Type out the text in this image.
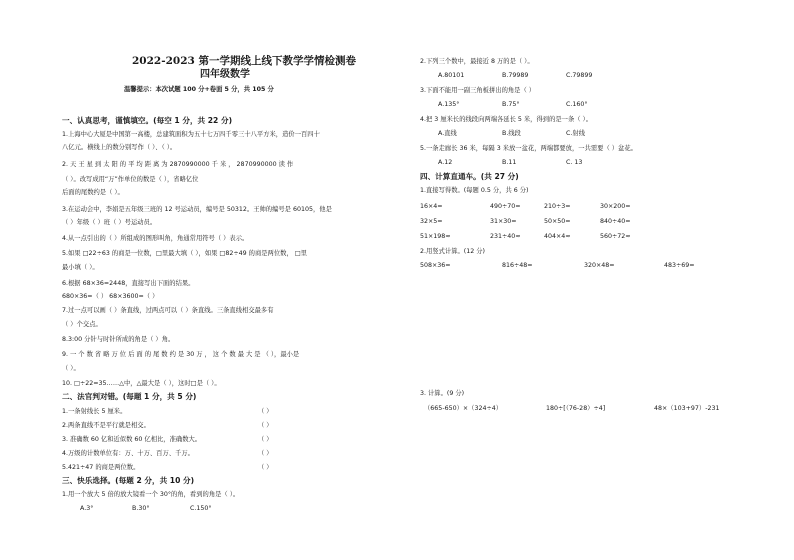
2022-2023 第一学期线上线下教学学情检测卷
四年级数学
温馨提示：本次试题 100 分+卷面 5 分，共 105 分
一、认真思考，谨慎填空。(每空 1 分，共 22 分)
1.上海中心大厦是中国第一高楼，总建筑面积为五十七万四千零三十八平方米，造价一百四十
八亿元。横线上的数分别写作（ ）、（ ）。
2. 天 王 星 到 太 阳 的 平 均 距 离 为 2870990000 千 米 ， 2870990000 读 作
（ ）。改写成用“万”作单位的数是（ ），省略亿位
后面的尾数约是（ ）。
3.在运动会中，李娟是五年级三班的 12 号运动员，编号是 50312。王帅的编号是 60105，他是
（ ）年级（ ）班（ ）号运动员。
4.从一点引出的（ ）所组成的图形叫角，角通常用符号（ ）表示。
5.如果 □22÷63 的商是一位数，□里最大填（ ），如果 □82÷49 的商是两位数， □里
最小填（ ）。
6.根据 68×36=2448，直接写出下面的结果。
680×36=（ ） 68×3600=（ ）
7.过一点可以画（ ）条直线，过两点可以（ ）条直线。三条直线相交最多有
（ ）个交点。
8.3:00 分针与时针所成的角是（ ）角。
9. 一 个 数 省 略 万 位 后 面 的 尾 数 约 是 30 万 ， 这 个 数 最 大 是 （ ），最小是
（ ）。
10. □÷22=35……△中，△最大是（ ），这时□是（ ）。
二、法官判对错。(每题 1 分，共 5 分)
1.一条射线长 5 厘米。	（ ）
2.两条直线不是平行就是相交。	（ ）
3. 准确数 60 亿和近似数 60 亿相比，准确数大。	（ ）
4.万级的计数单位有：万、十万、百万、千万。	（ ）
5.421÷47 的商是两位数。	（ ）
三、快乐选择。(每题 2 分，共 10 分)
1.用一个放大 5 倍的放大镜看一个 30°的角，看到的角是（ ）。
A.3°	B.30°	C.150°
2.下列三个数中，最接近 8 万的是（ ）。
A.80101	B.79989	C.79899
3.下面不能用一副三角板拼出的角是（ ）
A.135°	B.75°	C.160°
4.把 3 厘米长的线段向两端各延长 5 米，得到的是一条（ ）。
A.直线	B.线段	C.射线
5.一条走廊长 36 米，每隔 3 米放一盆花，两端都要放，一共需要（ ）盆花。
A.12	B.11	C. 13
四、计算直通车。(共 27 分)
1.直接写得数。(每题 0.5 分，共 6 分)
16×4=	490÷70=	210÷3=	30×200=
32×5=	31×30=	50×50=	840÷40=
51×198≈	231÷40≈	404×4≈	560÷72≈
2.用竖式计算。(12 分)
508×36=	816÷48=	320×48=	483÷69=
3. 计算。(9 分)
（665-650）×（324÷4）	180÷[（76-28）÷4]	48×（103+97）-231
